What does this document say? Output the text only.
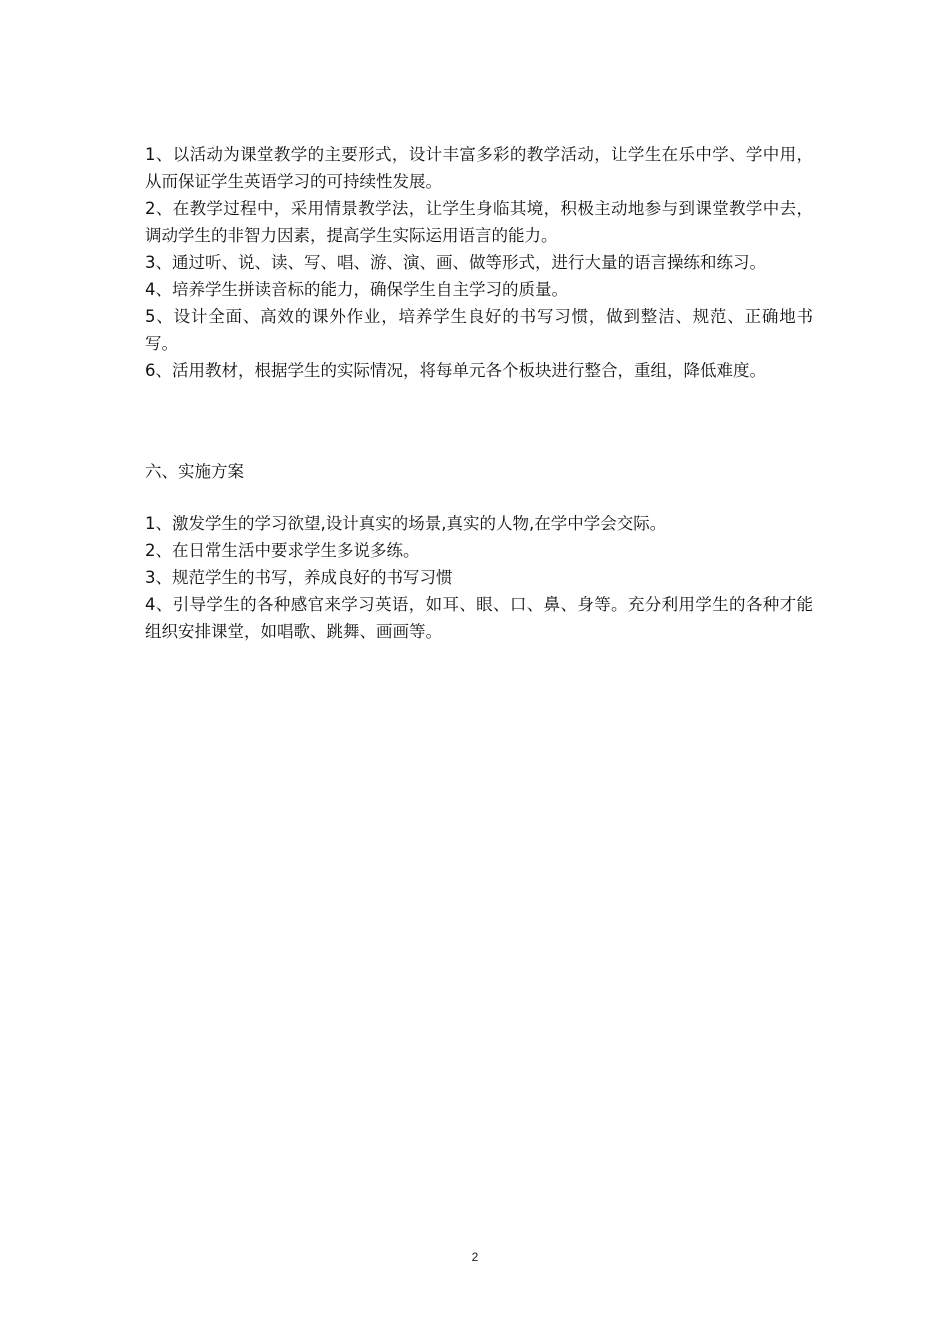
1、以活动为课堂教学的主要形式，设计丰富多彩的教学活动，让学生在乐中学、学中用，从而保证学生英语学习的可持续性发展。

2、在教学过程中，采用情景教学法，让学生身临其境，积极主动地参与到课堂教学中去，调动学生的非智力因素，提高学生实际运用语言的能力。

3、通过听、说、读、写、唱、游、演、画、做等形式，进行大量的语言操练和练习。

4、培养学生拼读音标的能力，确保学生自主学习的质量。

5、设计全面、高效的课外作业，培养学生良好的书写习惯，做到整洁、规范、正确地书写。

6、活用教材，根据学生的实际情况，将每单元各个板块进行整合，重组，降低难度。

六、实施方案

1、激发学生的学习欲望,设计真实的场景,真实的人物,在学中学会交际。

2、在日常生活中要求学生多说多练。

3、规范学生的书写，养成良好的书写习惯

4、引导学生的各种感官来学习英语，如耳、眼、口、鼻、身等。充分利用学生的各种才能组织安排课堂，如唱歌、跳舞、画画等。

2
